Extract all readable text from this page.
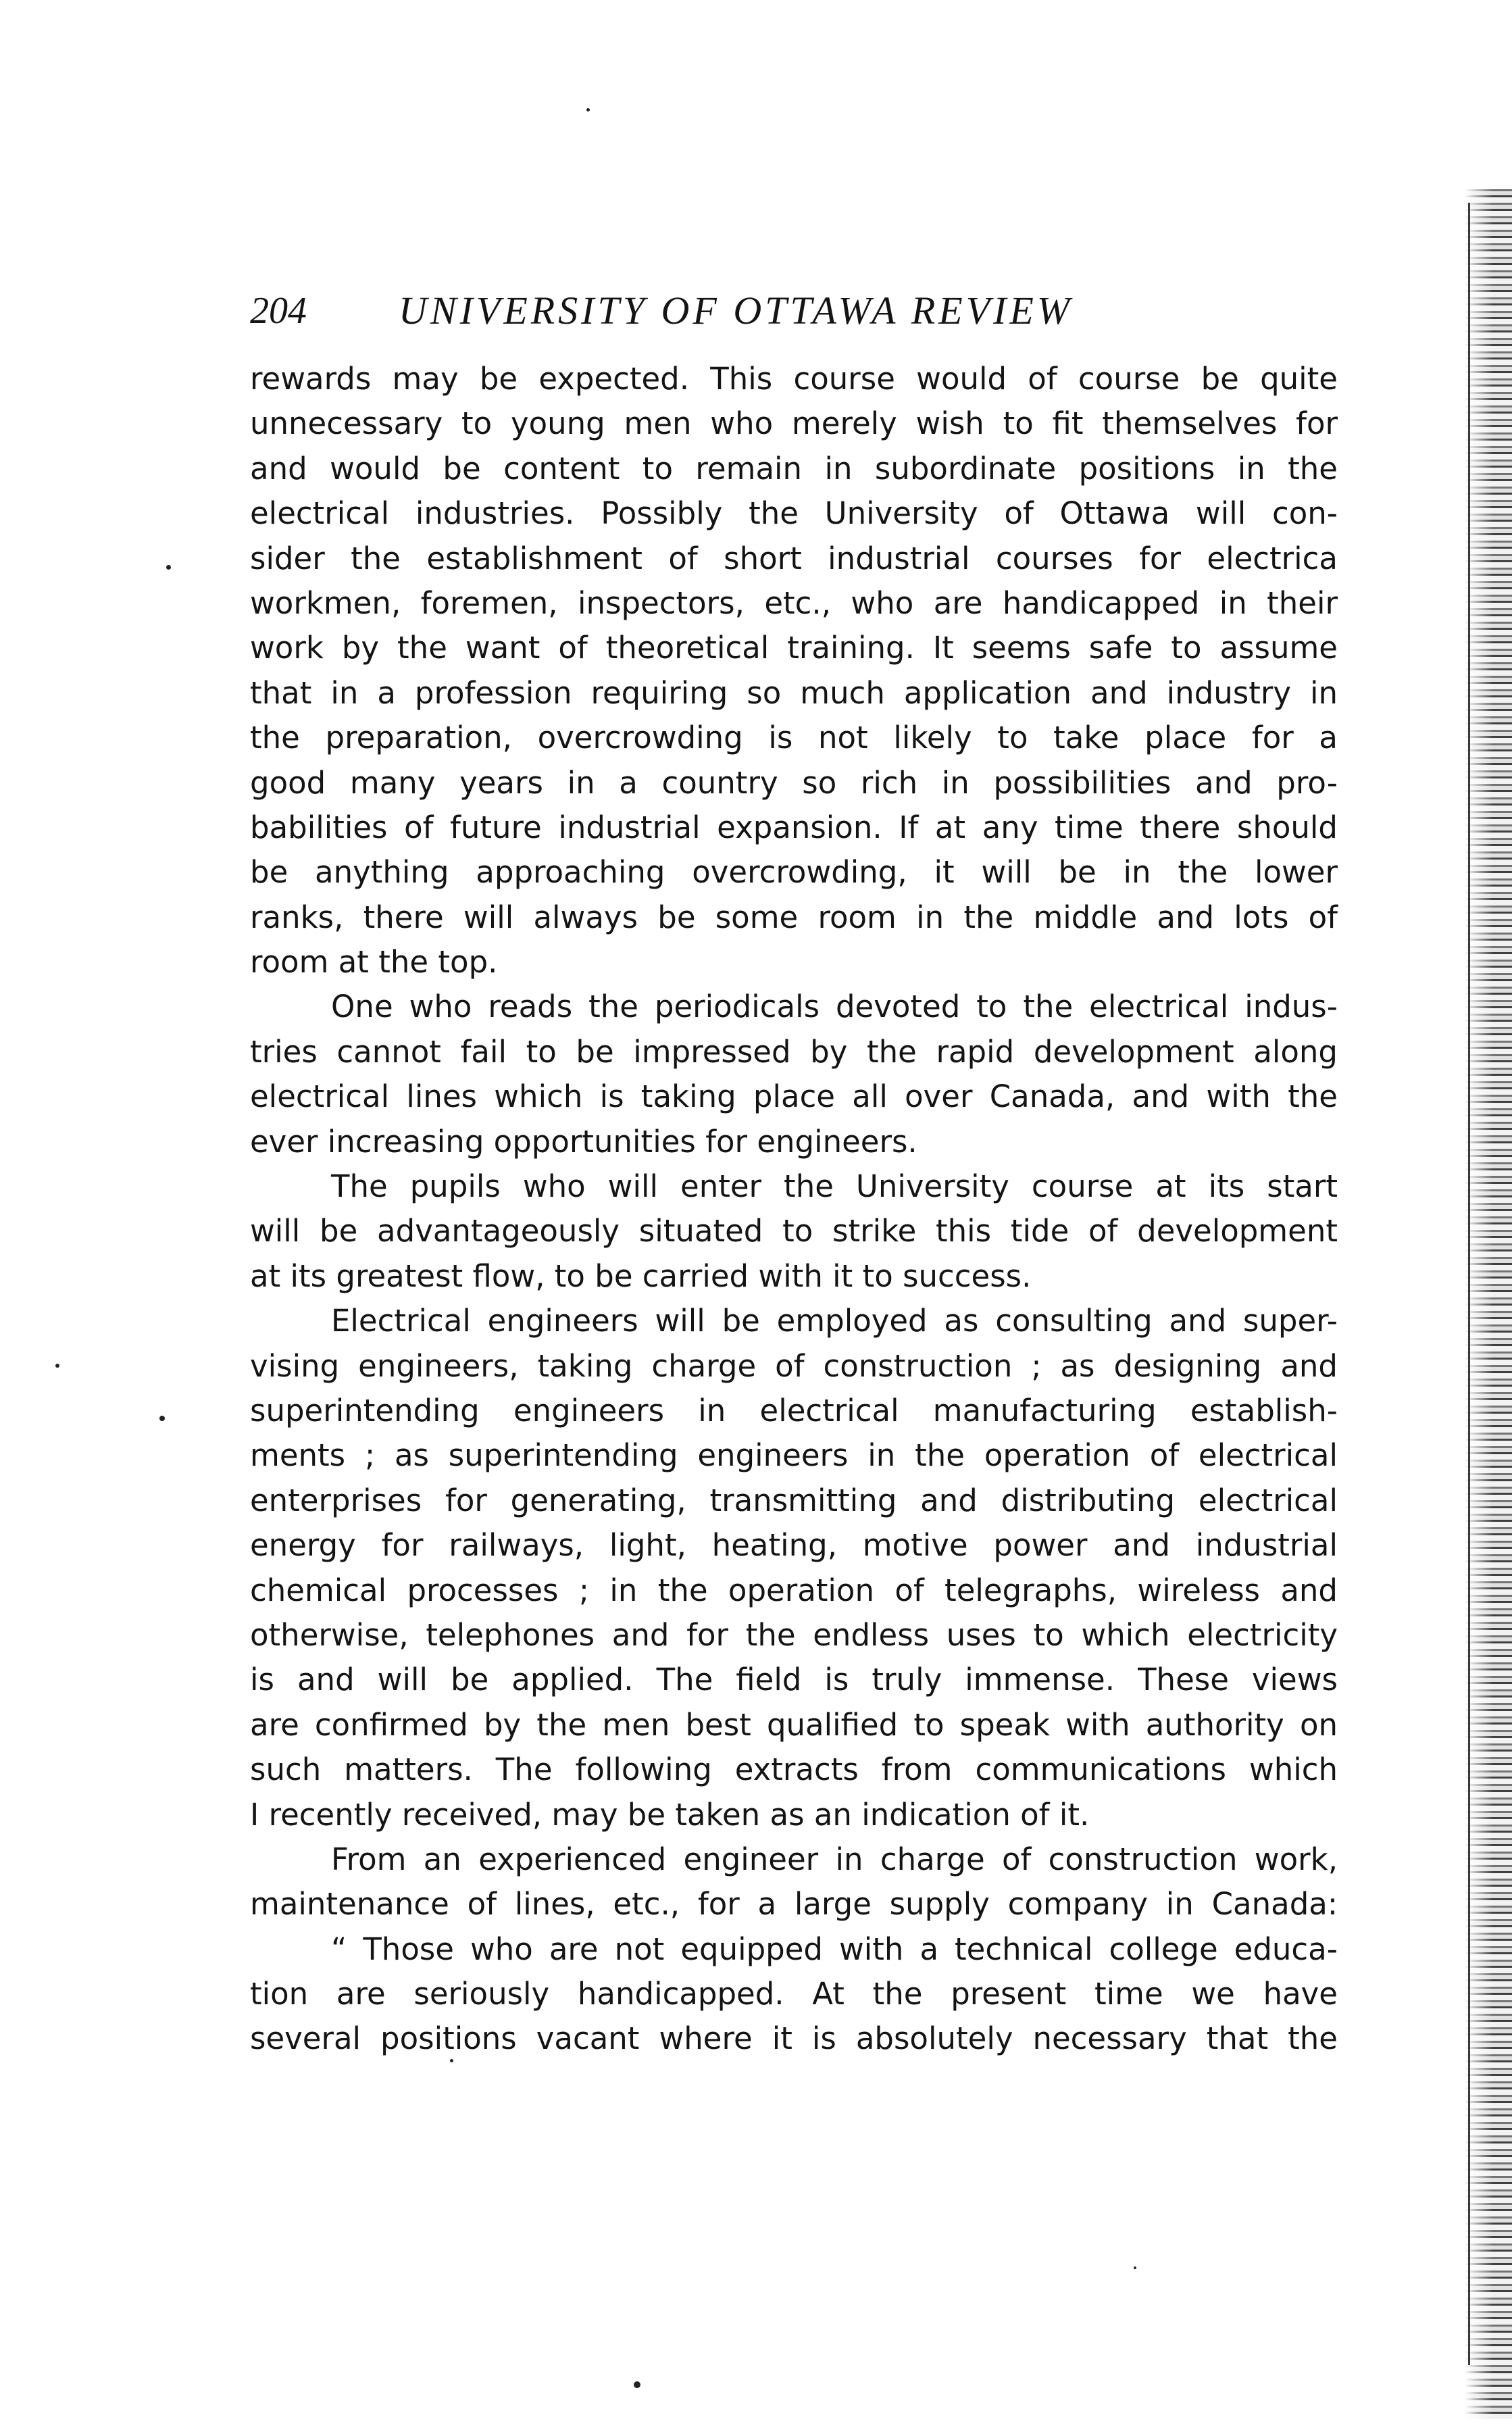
204 UNIVERSITY OF OTTAWA REVIEW
rewards may be expected. This course would of course be quite
unnecessary to young men who merely wish to fit themselves for
and would be content to remain in subordinate positions in the
electrical industries. Possibly the University of Ottawa will con-
sider the establishment of short industrial courses for electrica
workmen, foremen, inspectors, etc., who are handicapped in their
work by the want of theoretical training. It seems safe to assume
that in a profession requiring so much application and industry in
the preparation, overcrowding is not likely to take place for a
good many years in a country so rich in possibilities and pro-
babilities of future industrial expansion. If at any time there should
be anything approaching overcrowding, it will be in the lower
ranks, there will always be some room in the middle and lots of
room at the top.
One who reads the periodicals devoted to the electrical indus-
tries cannot fail to be impressed by the rapid development along
electrical lines which is taking place all over Canada, and with the
ever increasing opportunities for engineers.
The pupils who will enter the University course at its start
will be advantageously situated to strike this tide of development
at its greatest flow, to be carried with it to success.
Electrical engineers will be employed as consulting and super-
vising engineers, taking charge of construction ; as designing and
superintending engineers in electrical manufacturing establish-
ments ; as superintending engineers in the operation of electrical
enterprises for generating, transmitting and distributing electrical
energy for railways, light, heating, motive power and industrial
chemical processes ; in the operation of telegraphs, wireless and
otherwise, telephones and for the endless uses to which electricity
is and will be applied. The field is truly immense. These views
are confirmed by the men best qualified to speak with authority on
such matters. The following extracts from communications which
I recently received, may be taken as an indication of it.
From an experienced engineer in charge of construction work,
maintenance of lines, etc., for a large supply company in Canada:
“ Those who are not equipped with a technical college educa-
tion are seriously handicapped. At the present time we have
several positions vacant where it is absolutely necessary that the
